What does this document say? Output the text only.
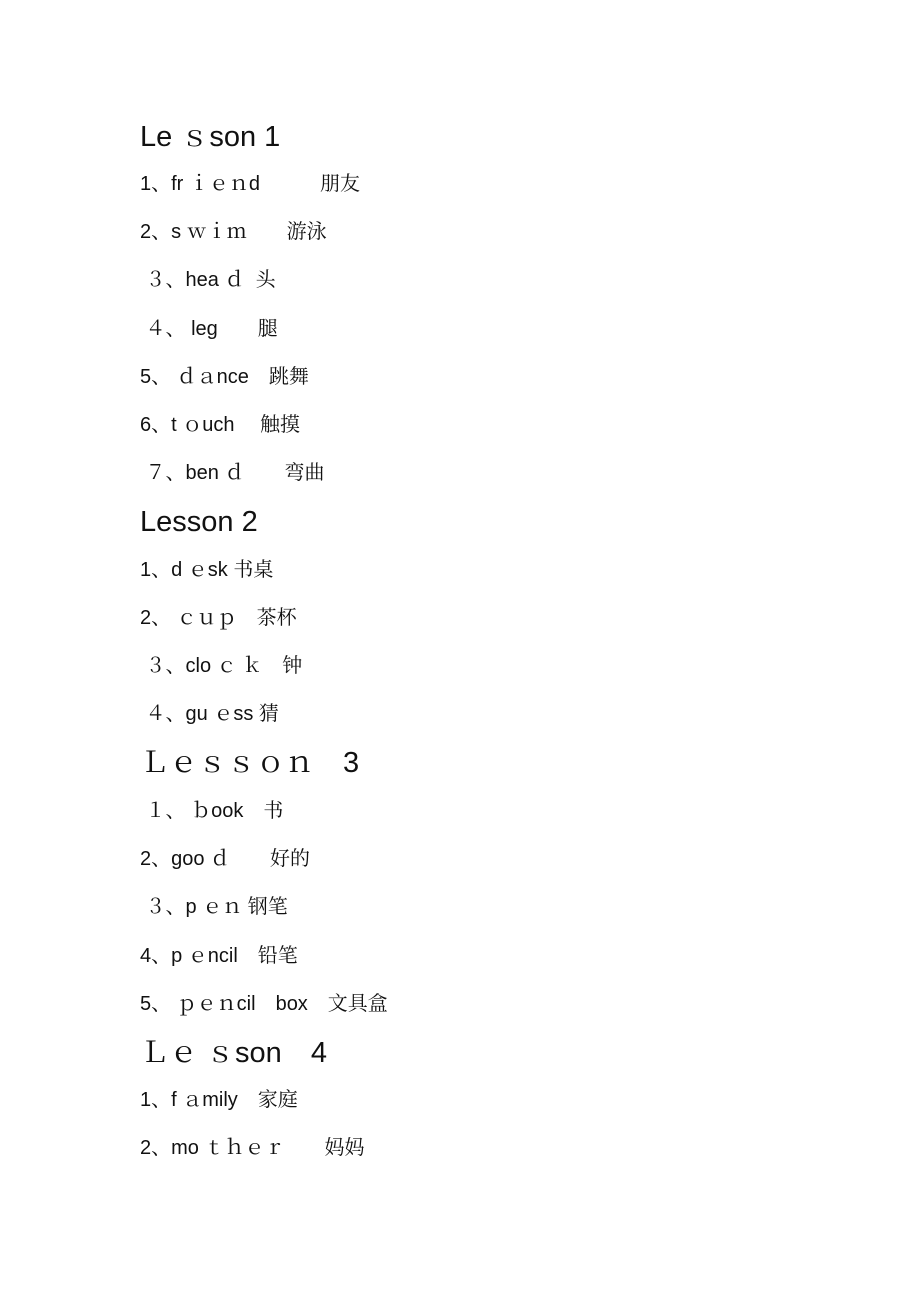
Le ｓson 1
1、fr ｉｅｎd　　　朋友
2、s ｗｉｍ　　游泳
３、hea ｄ  头
４、 leg　　腿
5、 ｄａnce　跳舞
6、t ｏuch　 触摸
７、ben ｄ　　弯曲
Lesson 2
1、d ｅsk 书桌
2、 ｃｕｐ　茶杯
３、clo ｃ ｋ　钟
４、gu ｅss 猜
Ｌｅｓｓｏｎ　3
１、 ｂook　书
2、goo ｄ　　好的
３、p ｅｎ 钢笔
4、p ｅncil　铅笔
5、 ｐｅｎcil　box　文具盒
Ｌｅ ｓson　4
1、f ａmily　家庭
2、mo ｔｈｅｒ　　妈妈
